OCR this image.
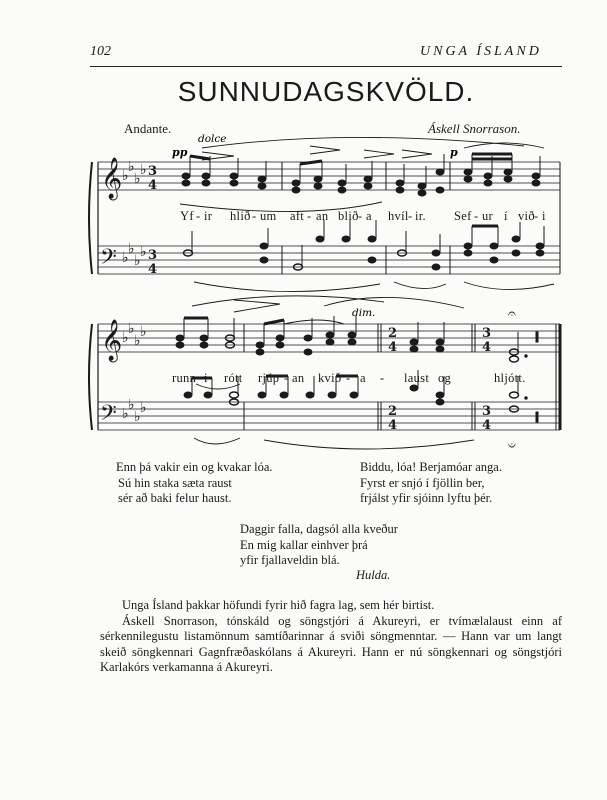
102	UNGA ÍSLAND
SUNNUDAGSKVÖLD.
Andante.	Áskell Snorrason.
♭
♭
♭
♭
𝄞
𝄢
3
4
3
4
pp
dolce
p
Yf - ir hlið- um aft - an blið- a hvíl- ir. Sef - ur í við- i
𝄞
𝄢
2
4
2
4
3
4
3
4
𝄐
𝄑
dim.
runn- i rótt rjúp - an kvið - a - laust og	hljótt.
Enn þá vakir ein og kvakar lóa.
Sú hin staka sæta raust
sér að baki felur haust.
Biddu, lóa! Berjamóar anga.
Fyrst er snjó í fjöllin ber,
frjálst yfir sjóinn lyftu þér.
Daggir falla, dagsól alla kveður
En mig kallar einhver þrá
yfir fjallaveldin blá.
Hulda.

Unga Ísland þakkar höfundi fyrir hið fagra lag, sem hér birtist.

Áskell Snorrason, tónskáld og söngstjóri á Akureyri, er tvímælalaust einn af sérkennilegustu listamönnum samtíðarinnar á sviði söngmenntar. — Hann var um langt skeið söngkennari Gagnfræðaskólans á Akureyri. Hann er nú söngkennari og söngstjóri Karlakórs verkamanna á Akureyri.
